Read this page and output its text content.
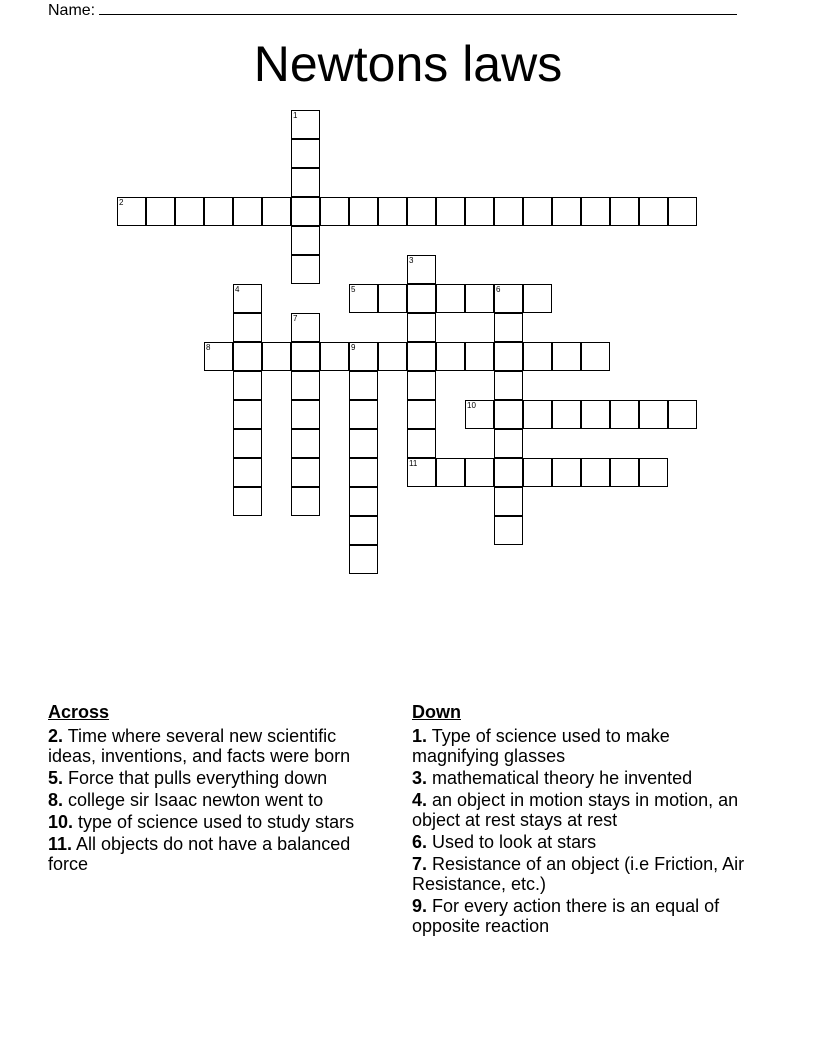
Name:
Newtons laws
1
2
3
11
4	5	6
7
8	9
10
Across
2. Time where several new scientific ideas, inventions, and facts were born
5. Force that pulls everything down
8. college sir Isaac newton went to
10. type of science used to study stars
11. All objects do not have a balanced force
Down
1. Type of science used to make magnifying glasses
3. mathematical theory he invented
4. an object in motion stays in motion, an object at rest stays at rest
6. Used to look at stars
7. Resistance of an object (i.e Friction, Air Resistance, etc.)
9. For every action there is an equal of opposite reaction
